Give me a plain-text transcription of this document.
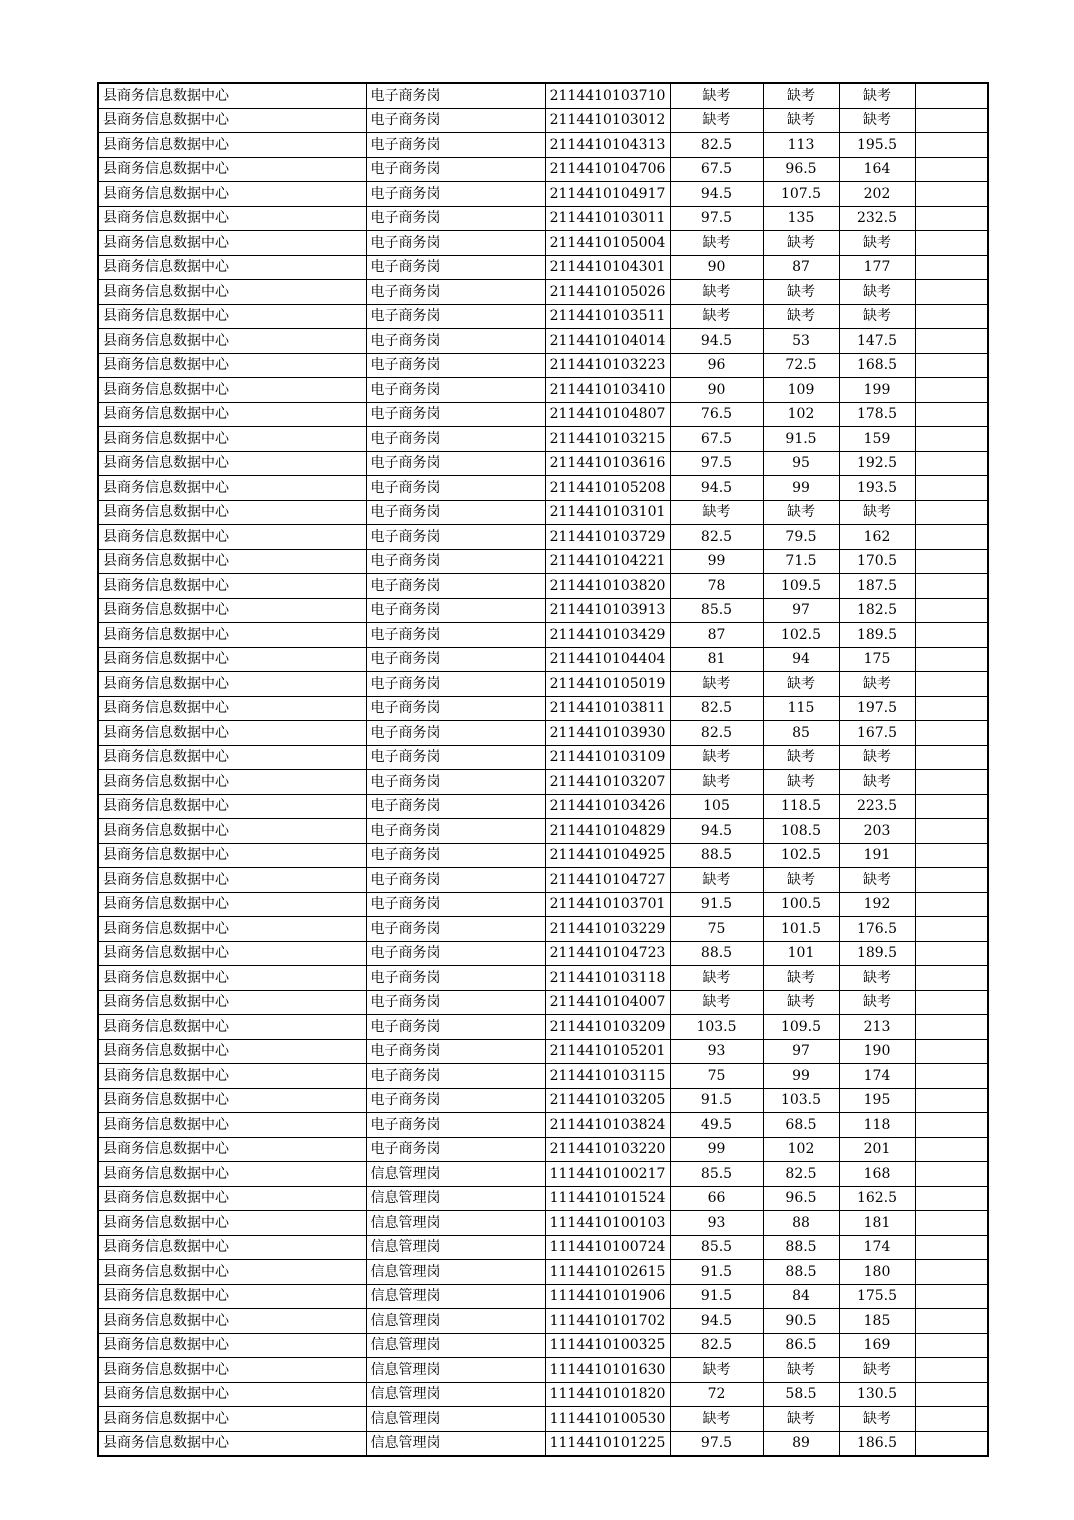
县商务信息数据中心	电子商务岗	2114410103710	缺考	缺考	缺考	
县商务信息数据中心	电子商务岗	2114410103012	缺考	缺考	缺考	
县商务信息数据中心	电子商务岗	2114410104313	82.5	113	195.5	
县商务信息数据中心	电子商务岗	2114410104706	67.5	96.5	164	
县商务信息数据中心	电子商务岗	2114410104917	94.5	107.5	202	
县商务信息数据中心	电子商务岗	2114410103011	97.5	135	232.5	
县商务信息数据中心	电子商务岗	2114410105004	缺考	缺考	缺考	
县商务信息数据中心	电子商务岗	2114410104301	90	87	177	
县商务信息数据中心	电子商务岗	2114410105026	缺考	缺考	缺考	
县商务信息数据中心	电子商务岗	2114410103511	缺考	缺考	缺考	
县商务信息数据中心	电子商务岗	2114410104014	94.5	53	147.5	
县商务信息数据中心	电子商务岗	2114410103223	96	72.5	168.5	
县商务信息数据中心	电子商务岗	2114410103410	90	109	199	
县商务信息数据中心	电子商务岗	2114410104807	76.5	102	178.5	
县商务信息数据中心	电子商务岗	2114410103215	67.5	91.5	159	
县商务信息数据中心	电子商务岗	2114410103616	97.5	95	192.5	
县商务信息数据中心	电子商务岗	2114410105208	94.5	99	193.5	
县商务信息数据中心	电子商务岗	2114410103101	缺考	缺考	缺考	
县商务信息数据中心	电子商务岗	2114410103729	82.5	79.5	162	
县商务信息数据中心	电子商务岗	2114410104221	99	71.5	170.5	
县商务信息数据中心	电子商务岗	2114410103820	78	109.5	187.5	
县商务信息数据中心	电子商务岗	2114410103913	85.5	97	182.5	
县商务信息数据中心	电子商务岗	2114410103429	87	102.5	189.5	
县商务信息数据中心	电子商务岗	2114410104404	81	94	175	
县商务信息数据中心	电子商务岗	2114410105019	缺考	缺考	缺考	
县商务信息数据中心	电子商务岗	2114410103811	82.5	115	197.5	
县商务信息数据中心	电子商务岗	2114410103930	82.5	85	167.5	
县商务信息数据中心	电子商务岗	2114410103109	缺考	缺考	缺考	
县商务信息数据中心	电子商务岗	2114410103207	缺考	缺考	缺考	
县商务信息数据中心	电子商务岗	2114410103426	105	118.5	223.5	
县商务信息数据中心	电子商务岗	2114410104829	94.5	108.5	203	
县商务信息数据中心	电子商务岗	2114410104925	88.5	102.5	191	
县商务信息数据中心	电子商务岗	2114410104727	缺考	缺考	缺考	
县商务信息数据中心	电子商务岗	2114410103701	91.5	100.5	192	
县商务信息数据中心	电子商务岗	2114410103229	75	101.5	176.5	
县商务信息数据中心	电子商务岗	2114410104723	88.5	101	189.5	
县商务信息数据中心	电子商务岗	2114410103118	缺考	缺考	缺考	
县商务信息数据中心	电子商务岗	2114410104007	缺考	缺考	缺考	
县商务信息数据中心	电子商务岗	2114410103209	103.5	109.5	213	
县商务信息数据中心	电子商务岗	2114410105201	93	97	190	
县商务信息数据中心	电子商务岗	2114410103115	75	99	174	
县商务信息数据中心	电子商务岗	2114410103205	91.5	103.5	195	
县商务信息数据中心	电子商务岗	2114410103824	49.5	68.5	118	
县商务信息数据中心	电子商务岗	2114410103220	99	102	201	
县商务信息数据中心	信息管理岗	1114410100217	85.5	82.5	168	
县商务信息数据中心	信息管理岗	1114410101524	66	96.5	162.5	
县商务信息数据中心	信息管理岗	1114410100103	93	88	181	
县商务信息数据中心	信息管理岗	1114410100724	85.5	88.5	174	
县商务信息数据中心	信息管理岗	1114410102615	91.5	88.5	180	
县商务信息数据中心	信息管理岗	1114410101906	91.5	84	175.5	
县商务信息数据中心	信息管理岗	1114410101702	94.5	90.5	185	
县商务信息数据中心	信息管理岗	1114410100325	82.5	86.5	169	
县商务信息数据中心	信息管理岗	1114410101630	缺考	缺考	缺考	
县商务信息数据中心	信息管理岗	1114410101820	72	58.5	130.5	
县商务信息数据中心	信息管理岗	1114410100530	缺考	缺考	缺考	
县商务信息数据中心	信息管理岗	1114410101225	97.5	89	186.5	
